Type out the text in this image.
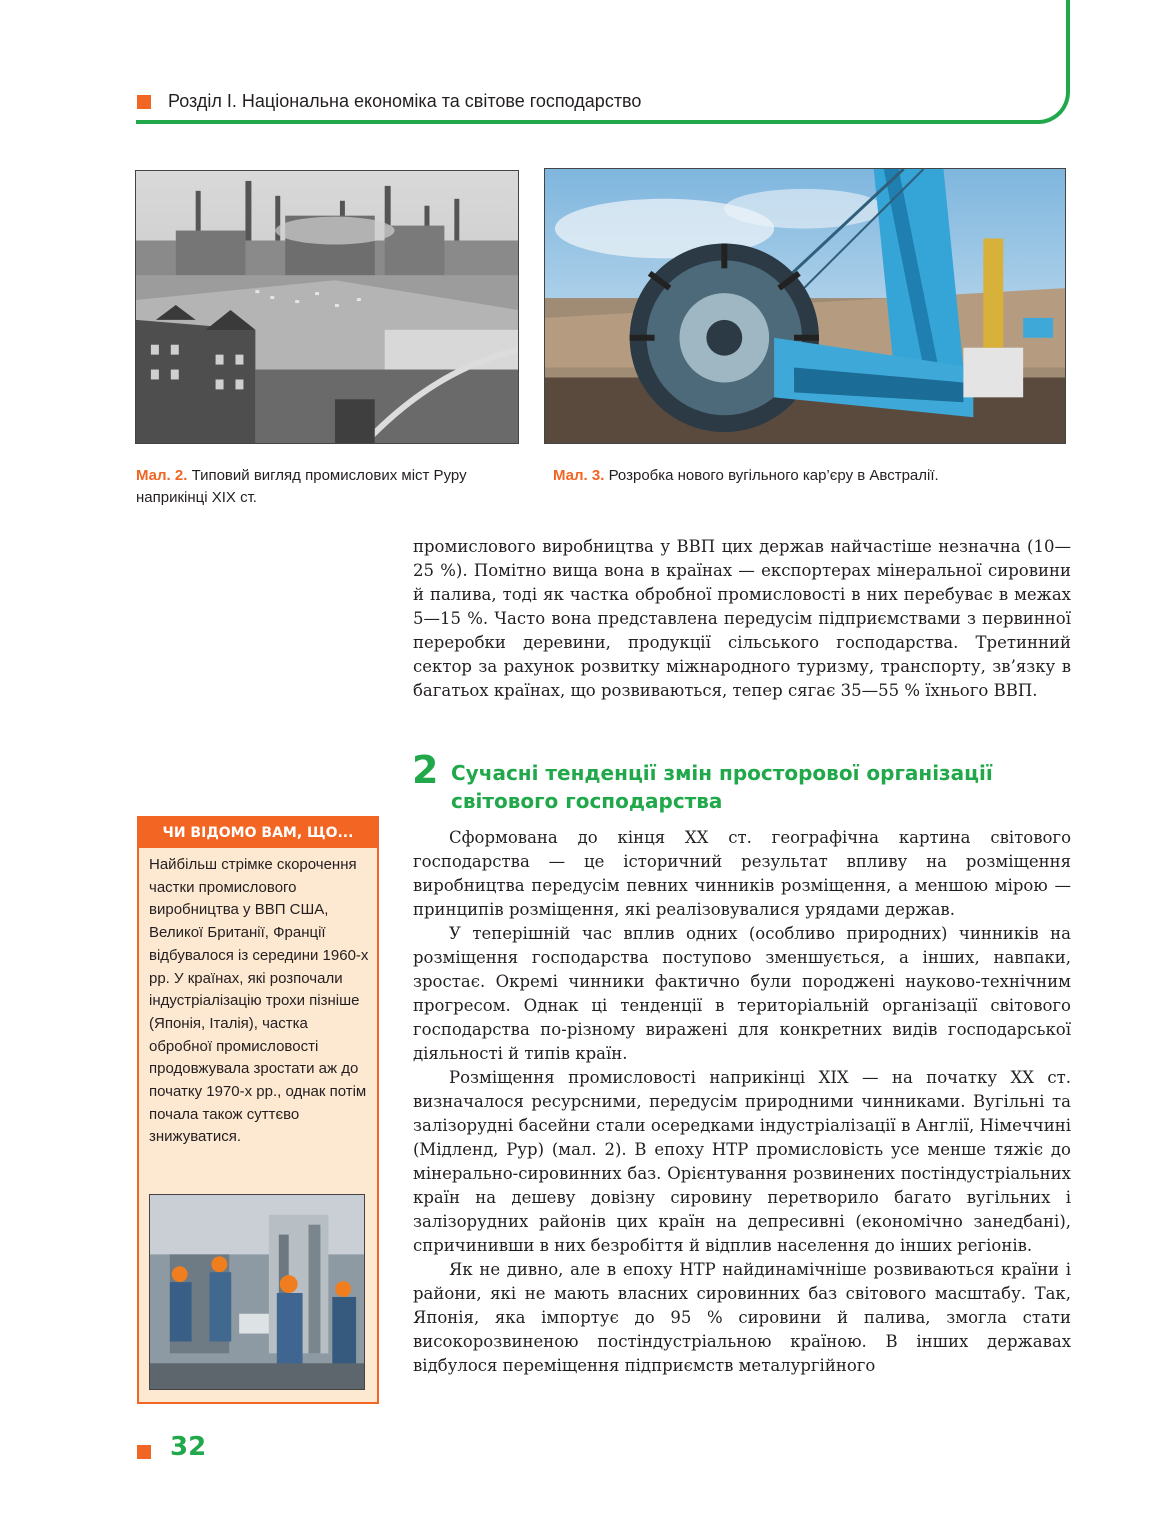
Розділ І. Національна економіка та світове господарство
Мал. 2. Типовий вигляд промислових міст Руру наприкінці XIX ст.
Мал. 3. Розробка нового вугільного кар’єру в Австралії.

промислового виробництва у ВВП цих держав найчастіше незначна (10—25 %). Помітно вища вона в країнах — експортерах мінеральної сировини й палива, тоді як частка обробної промисловості в них перебуває в межах 5—15 %. Часто вона представлена передусім підприємствами з первинної переробки деревини, продукції сільського господарства. Третинний сектор за рахунок розвитку міжнародного туризму, транспорту, зв’язку в багатьох країнах, що розвиваються, тепер сягає 35—55 % їхнього ВВП.

2 Сучасні тенденції змін просторової організації світового господарства

Сформована до кінця XX ст. географічна картина світового господарства — це історичний результат впливу на розміщення виробництва передусім певних чинників розміщення, а меншою мірою — принципів розміщення, які реалізовувалися урядами держав.

У теперішній час вплив одних (особливо природних) чинників на розміщення господарства поступово зменшується, а інших, навпаки, зростає. Окремі чинники фактично були породжені науково-технічним прогресом. Однак ці тенденції в територіальній організації світового господарства по-різному виражені для конкретних видів господарської діяльності й типів країн.

Розміщення промисловості наприкінці XIX — на початку XX ст. визначалося ресурсними, передусім природними чинниками. Вугільні та залізорудні басейни стали осередками індустріалізації в Англії, Німеччині (Мідленд, Рур) (мал. 2). В епоху НТР промисловість усе менше тяжіє до мінерально-сировинних баз. Орієнтування розвинених постіндустріальних країн на дешеву довізну сировину перетворило багато вугільних і залізорудних районів цих країн на депресивні (економічно занедбані), спричинивши в них безробіття й відплив населення до інших регіонів.

Як не дивно, але в епоху НТР найдинамічніше розвиваються країни і райони, які не мають власних сировинних баз світового масштабу. Так, Японія, яка імпортує до 95 % сировини й палива, змогла стати високорозвиненою постіндустріальною країною. В інших державах відбулося переміщення підприємств металургійного

ЧИ ВІДОМО ВАМ, ЩО...
Найбільш стрімке скорочення частки промислового виробництва у ВВП США, Великої Британії, Франції відбувалося із середини 1960-х рр. У країнах, які розпочали індустріалізацію трохи пізніше (Японія, Італія), частка обробної промисловості продовжувала зростати аж до початку 1970-х рр., однак потім почала також суттєво знижуватися.
32
